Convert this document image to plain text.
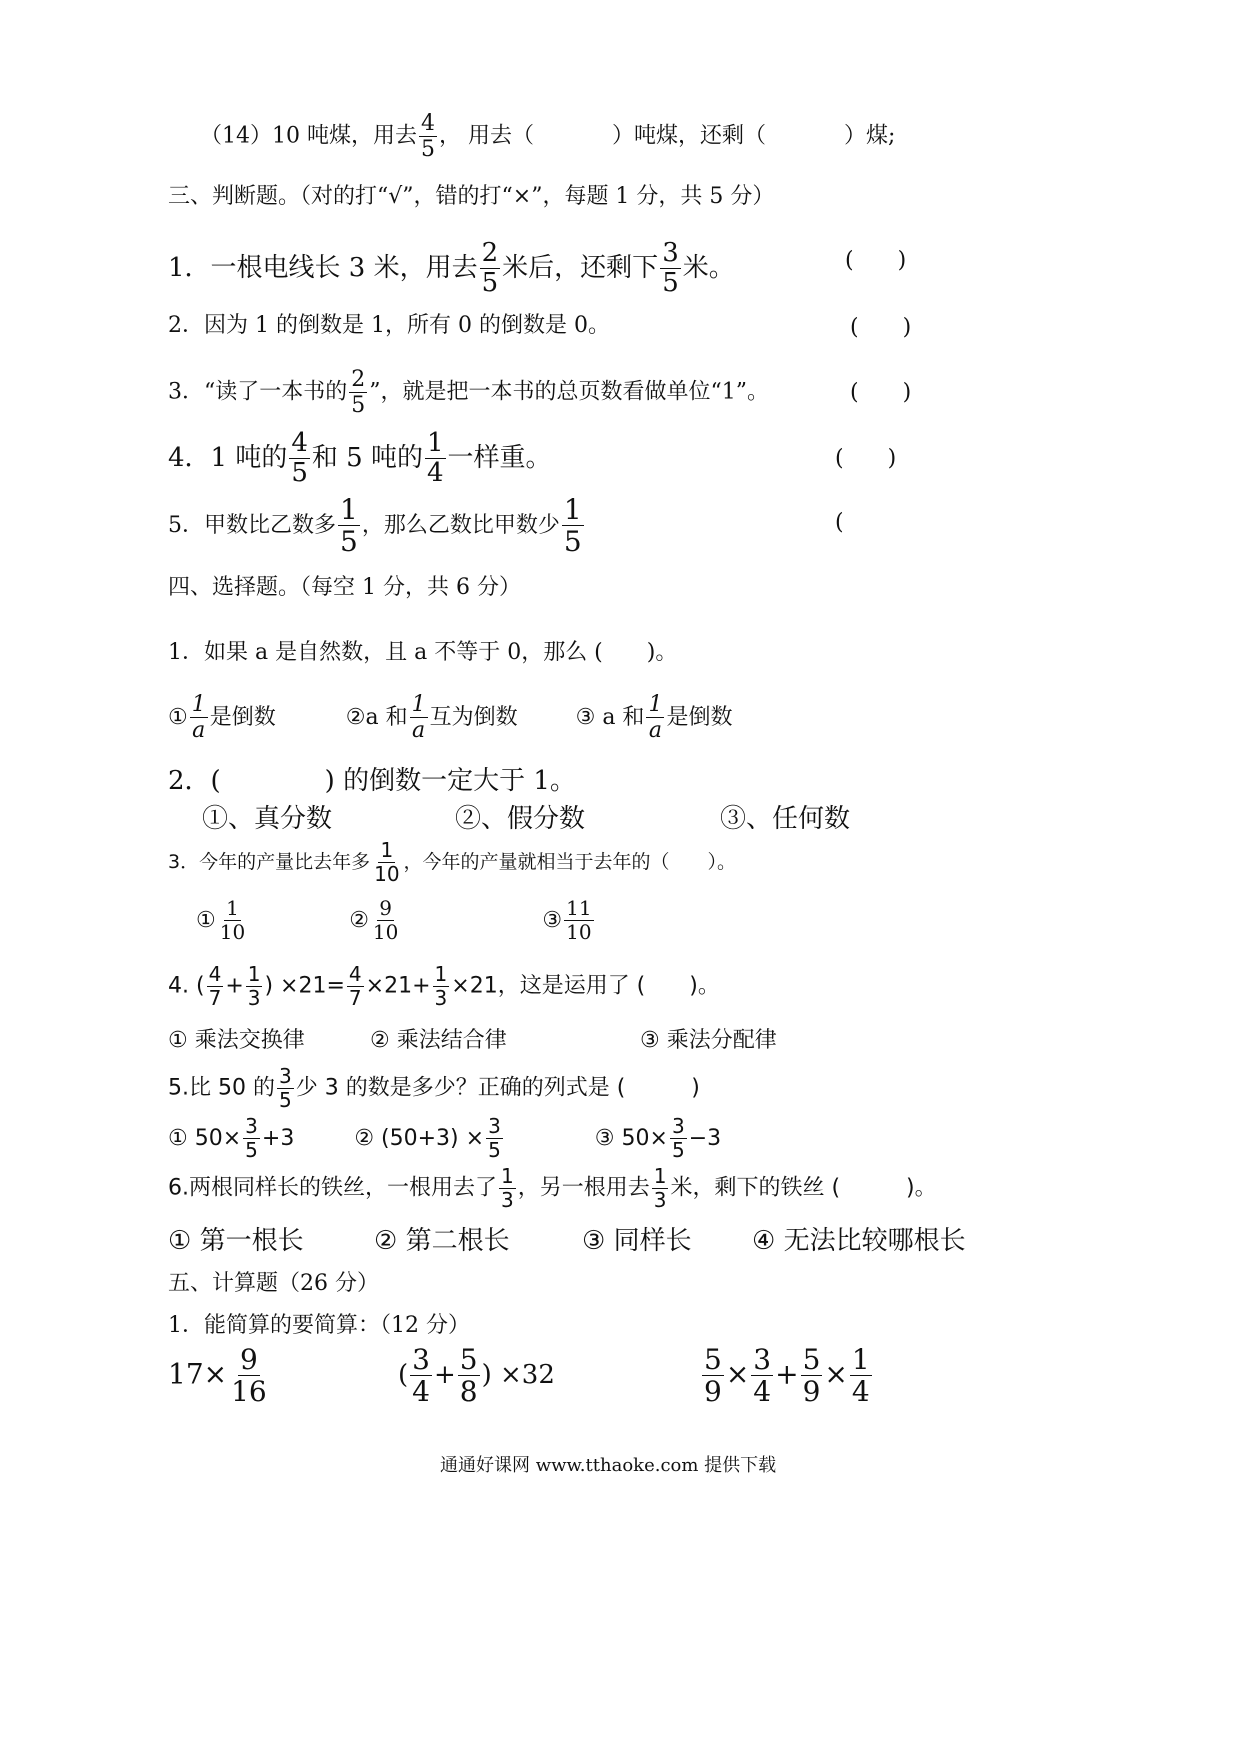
（14）10 吨煤，用去 $\frac{4}{5}$ ， 用去（	）吨煤，还剩（	）煤;
三、判断题。（对的打“√”，错的打“×”，每题 1 分，共 5 分）
1．一根电线长 3 米，用去 $\frac{2}{5}$ 米后，还剩下 $\frac{3}{5}$ 米。	(　　)
2．因为 1 的倒数是 1，所有 0 的倒数是 0。	(　　)
3．“读了一本书的 $\frac{2}{5}$ ”，就是把一本书的总页数看做单位“1”。	(　　)
4．1 吨的 $\frac{4}{5}$ 和 5 吨的 $\frac{1}{4}$ 一样重。	(　　)
5．甲数比乙数多 $\frac{1}{5}$ ，那么乙数比甲数少 $\frac{1}{5}$	(
四、选择题。（每空 1 分，共 6 分）
1．如果 a 是自然数，且 a 不等于 0，那么 (　　)。
① $\frac{1}{a}$ 是倒数	②a 和 $\frac{1}{a}$ 互为倒数	③ a 和 $\frac{1}{a}$ 是倒数
2．(　　　　) 的倒数一定大于 1。
①、真分数	②、假分数	③、任何数
3．今年的产量比去年多 $\frac{1}{10}$ ，今年的产量就相当于去年的（　　）。
① $\frac{1}{10}$	② $\frac{9}{10}$	③ $\frac{11}{10}$
4. ( $\frac{4}{7} + \frac{1}{3}$ ) $\times 21= \frac{4}{7} \times 21+ \frac{1}{3} \times 21$，这是运用了 (　　)。
① 乘法交换律	② 乘法结合律	③ 乘法分配律
5.比 50 的 $\frac{3}{5}$ 少 3 的数是多少？正确的列式是 (　　　)
① $50\times \frac{3}{5} +3$	② $(50+3) \times \frac{3}{5}$	③ $50\times \frac{3}{5} -3$
6.两根同样长的铁丝，一根用去了 $\frac{1}{3}$ ，另一根用去 $\frac{1}{3}$ 米，剩下的铁丝 (　　　)。
① 第一根长	② 第二根长	③ 同样长 ④ 无法比较哪根长
五、计算题（26 分）
1．能简算的要简算：（12 分）
$17\times \frac{9}{16}$	( $\frac{3}{4} + \frac{5}{8}$ ) ×32	$\frac{5}{9} \times \frac{3}{4} + \frac{5}{9} \times \frac{1}{4}$
通通好课网 www.tthaoke.com 提供下载
